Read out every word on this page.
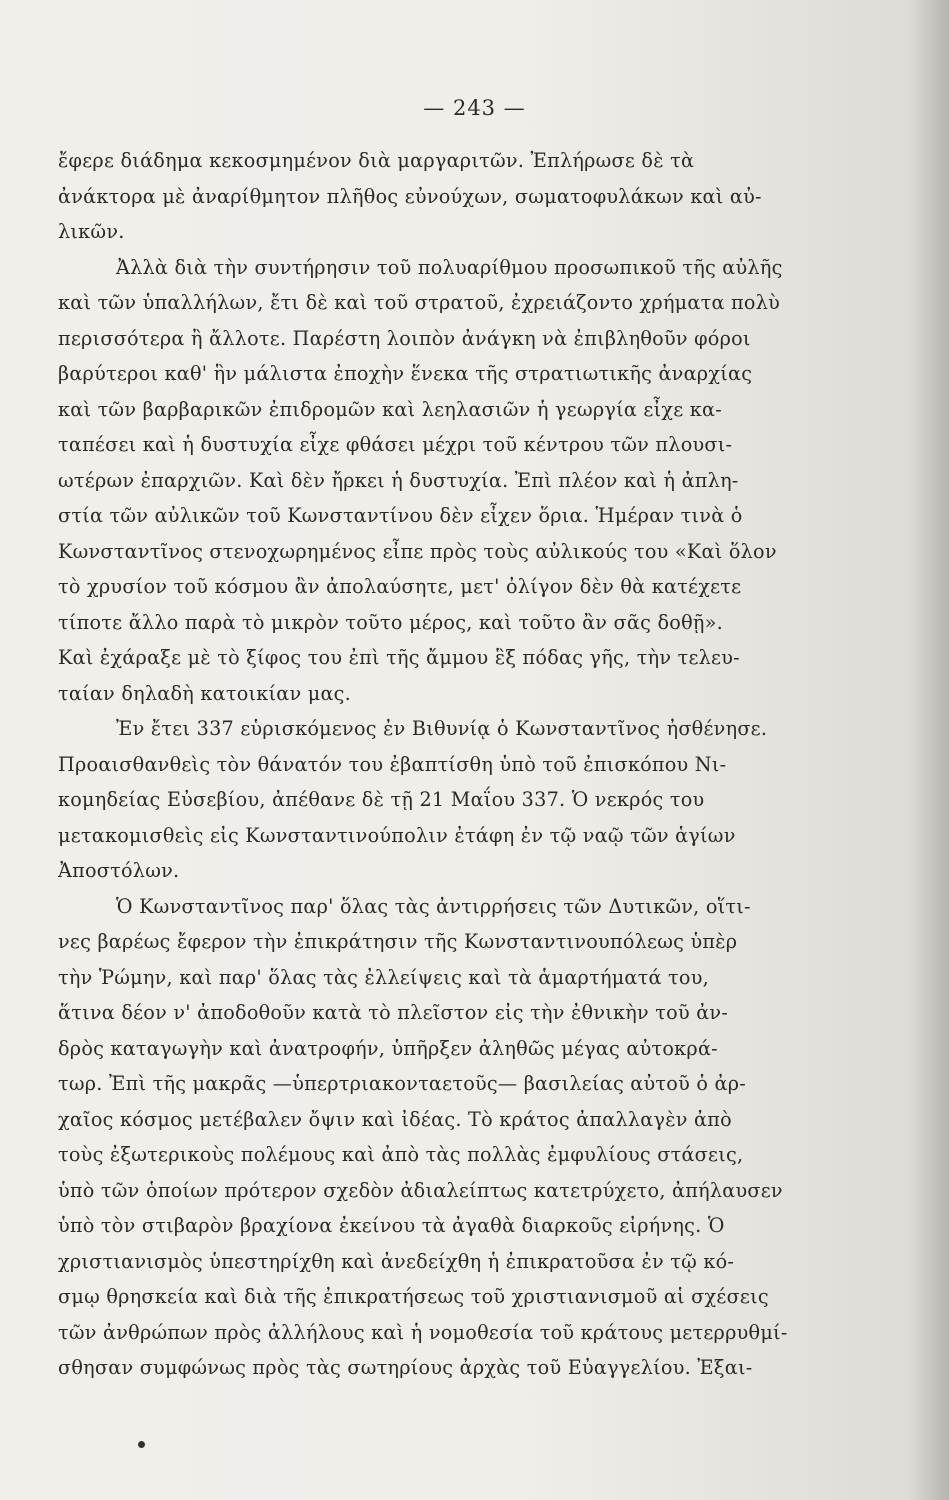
— 243 —
ἔφερε διάδημα κεκοσμημένον διὰ μαργαριτῶν. Ἐπλήρωσε δὲ τὰ
ἀνάκτορα μὲ ἀναρίθμητον πλῆθος εὐνούχων, σωματοφυλάκων καὶ αὐ-
λικῶν.
Ἀλλὰ διὰ τὴν συντήρησιν τοῦ πολυαρίθμου προσωπικοῦ τῆς αὐλῆς
καὶ τῶν ὑπαλλήλων, ἔτι δὲ καὶ τοῦ στρατοῦ, ἐχρειάζοντο χρήματα πολὺ
περισσότερα ἢ ἄλλοτε. Παρέστη λοιπὸν ἀνάγκη νὰ ἐπιβληθοῦν φόροι
βαρύτεροι καθ' ἣν μάλιστα ἐποχὴν ἕνεκα τῆς στρατιωτικῆς ἀναρχίας
καὶ τῶν βαρβαρικῶν ἐπιδρομῶν καὶ λεηλασιῶν ἡ γεωργία εἶχε κα-
ταπέσει καὶ ἡ δυστυχία εἶχε φθάσει μέχρι τοῦ κέντρου τῶν πλουσι-
ωτέρων ἐπαρχιῶν. Καὶ δὲν ἤρκει ἡ δυστυχία. Ἐπὶ πλέον καὶ ἡ ἀπλη-
στία τῶν αὐλικῶν τοῦ Κωνσταντίνου δὲν εἶχεν ὅρια. Ἡμέραν τινὰ ὁ
Κωνσταντῖνος στενοχωρημένος εἶπε πρὸς τοὺς αὐλικούς του «Καὶ ὅλον
τὸ χρυσίον τοῦ κόσμου ἂν ἀπολαύσητε, μετ' ὀλίγον δὲν θὰ κατέχετε
τίποτε ἄλλο παρὰ τὸ μικρὸν τοῦτο μέρος, καὶ τοῦτο ἂν σᾶς δοθῇ».
Καὶ ἐχάραξε μὲ τὸ ξίφος του ἐπὶ τῆς ἄμμου ἓξ πόδας γῆς, τὴν τελευ-
ταίαν δηλαδὴ κατοικίαν μας.
Ἐν ἔτει 337 εὑρισκόμενος ἐν Βιθυνίᾳ ὁ Κωνσταντῖνος ἠσθένησε.
Προαισθανθεὶς τὸν θάνατόν του ἐβαπτίσθη ὑπὸ τοῦ ἐπισκόπου Νι-
κομηδείας Εὐσεβίου, ἀπέθανε δὲ τῇ 21 Μαΐου 337. Ὁ νεκρός του
μετακομισθεὶς εἰς Κωνσταντινούπολιν ἐτάφη ἐν τῷ ναῷ τῶν ἁγίων
Ἀποστόλων.
Ὁ Κωνσταντῖνος παρ' ὅλας τὰς ἀντιρρήσεις τῶν Δυτικῶν, οἵτι-
νες βαρέως ἔφερον τὴν ἐπικράτησιν τῆς Κωνσταντινουπόλεως ὑπὲρ
τὴν Ῥώμην, καὶ παρ' ὅλας τὰς ἐλλείψεις καὶ τὰ ἁμαρτήματά του,
ἅτινα δέον ν' ἀποδοθοῦν κατὰ τὸ πλεῖστον εἰς τὴν ἐθνικὴν τοῦ ἀν-
δρὸς καταγωγὴν καὶ ἀνατροφήν, ὑπῆρξεν ἀληθῶς μέγας αὐτοκρά-
τωρ. Ἐπὶ τῆς μακρᾶς —ὑπερτριακονταετοῦς— βασιλείας αὐτοῦ ὁ ἀρ-
χαῖος κόσμος μετέβαλεν ὄψιν καὶ ἰδέας. Τὸ κράτος ἀπαλλαγὲν ἀπὸ
τοὺς ἐξωτερικοὺς πολέμους καὶ ἀπὸ τὰς πολλὰς ἐμφυλίους στάσεις,
ὑπὸ τῶν ὁποίων πρότερον σχεδὸν ἀδιαλείπτως κατετρύχετο, ἀπήλαυσεν
ὑπὸ τὸν στιβαρὸν βραχίονα ἐκείνου τὰ ἀγαθὰ διαρκοῦς εἰρήνης. Ὁ
χριστιανισμὸς ὑπεστηρίχθη καὶ ἀνεδείχθη ἡ ἐπικρατοῦσα ἐν τῷ κό-
σμῳ θρησκεία καὶ διὰ τῆς ἐπικρατήσεως τοῦ χριστιανισμοῦ αἱ σχέσεις
τῶν ἀνθρώπων πρὸς ἀλλήλους καὶ ἡ νομοθεσία τοῦ κράτους μετερρυθμί-
σθησαν συμφώνως πρὸς τὰς σωτηρίους ἀρχὰς τοῦ Εὐαγγελίου. Ἐξαι-
